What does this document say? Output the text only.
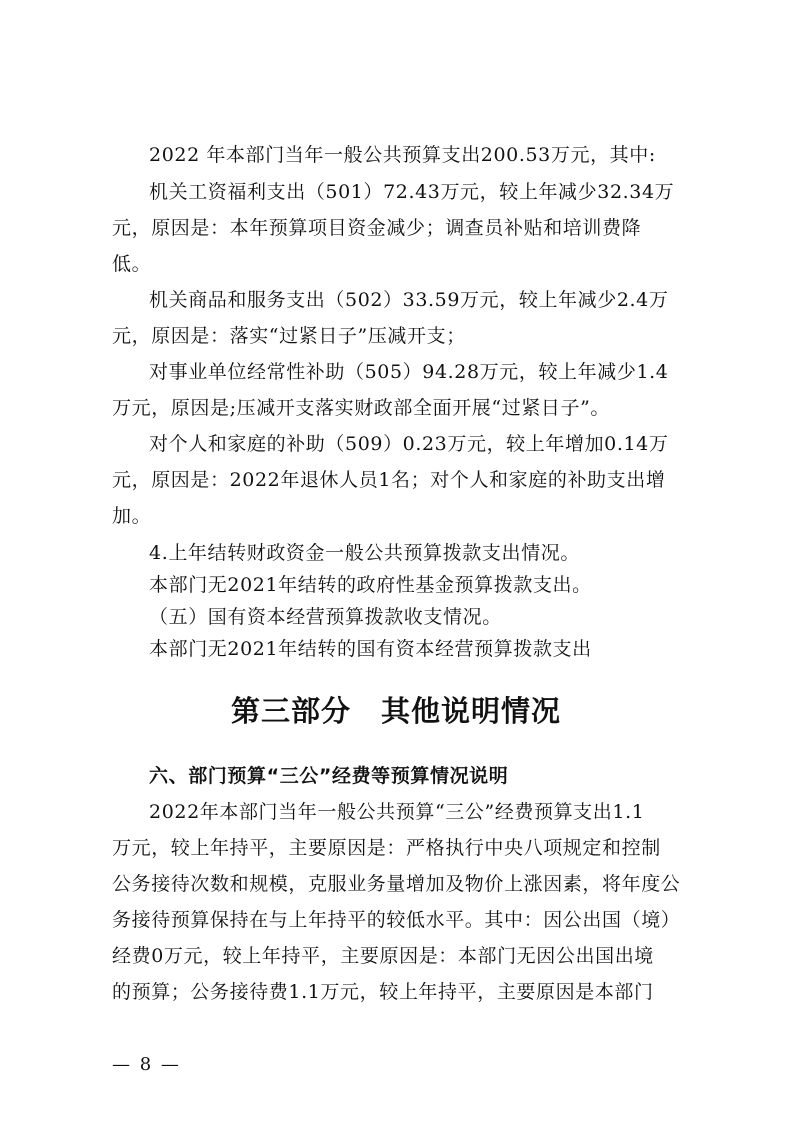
2022 年本部门当年一般公共预算支出200.53万元，其中:
机关工资福利支出（501）72.43万元，较上年减少32.34万
元，原因是：本年预算项目资金减少；调查员补贴和培训费降
低。
机关商品和服务支出（502）33.59万元，较上年减少2.4万
元，原因是：落实“过紧日子”压减开支；
对事业单位经常性补助（505）94.28万元，较上年减少1.4
万元，原因是;压减开支落实财政部全面开展“过紧日子”。
对个人和家庭的补助（509）0.23万元，较上年增加0.14万
元，原因是：2022年退休人员1名；对个人和家庭的补助支出增
加。
4.上年结转财政资金一般公共预算拨款支出情况。
本部门无2021年结转的政府性基金预算拨款支出。
（五）国有资本经营预算拨款收支情况。
本部门无2021年结转的国有资本经营预算拨款支出
第三部分　其他说明情况
六、部门预算“三公”经费等预算情况说明
2022年本部门当年一般公共预算“三公”经费预算支出1.1
万元，较上年持平，主要原因是：严格执行中央八项规定和控制
公务接待次数和规模，克服业务量增加及物价上涨因素，将年度公
务接待预算保持在与上年持平的较低水平。其中：因公出国（境）
经费0万元，较上年持平，主要原因是：本部门无因公出国出境
的预算；公务接待费1.1万元，较上年持平，主要原因是本部门
— 8 —
